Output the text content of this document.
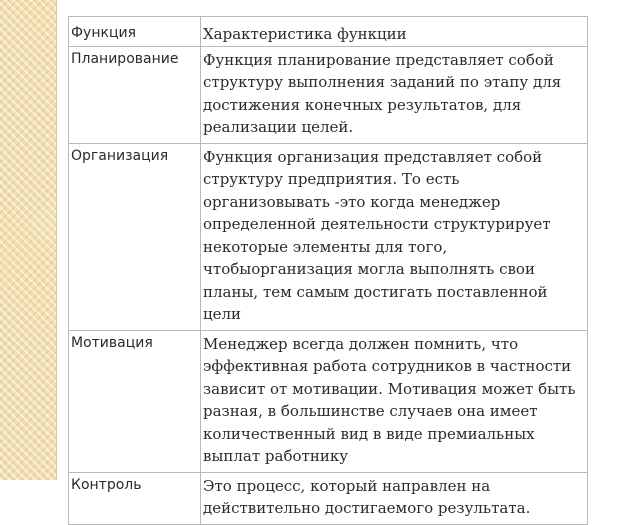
Функция	Характеристика функции
Планирование	Функция планирование представляет собой структуру выполнения заданий по этапу для достижения конечных результатов, для реализации целей.
Организация	Функция организация представляет собой структуру предприятия. То есть организовывать -это когда менеджер определенной деятельности структурирует некоторые элементы для того, чтобыорганизация могла выполнять свои планы, тем самым достигать поставленной цели
Мотивация	Менеджер всегда должен помнить, что эффективная работа сотрудников в частности зависит от мотивации. Мотивация может быть разная, в большинстве случаев она имеет количественный вид в виде премиальных выплат работнику
Контроль	Это процесс, который направлен на действительно достигаемого результата.
